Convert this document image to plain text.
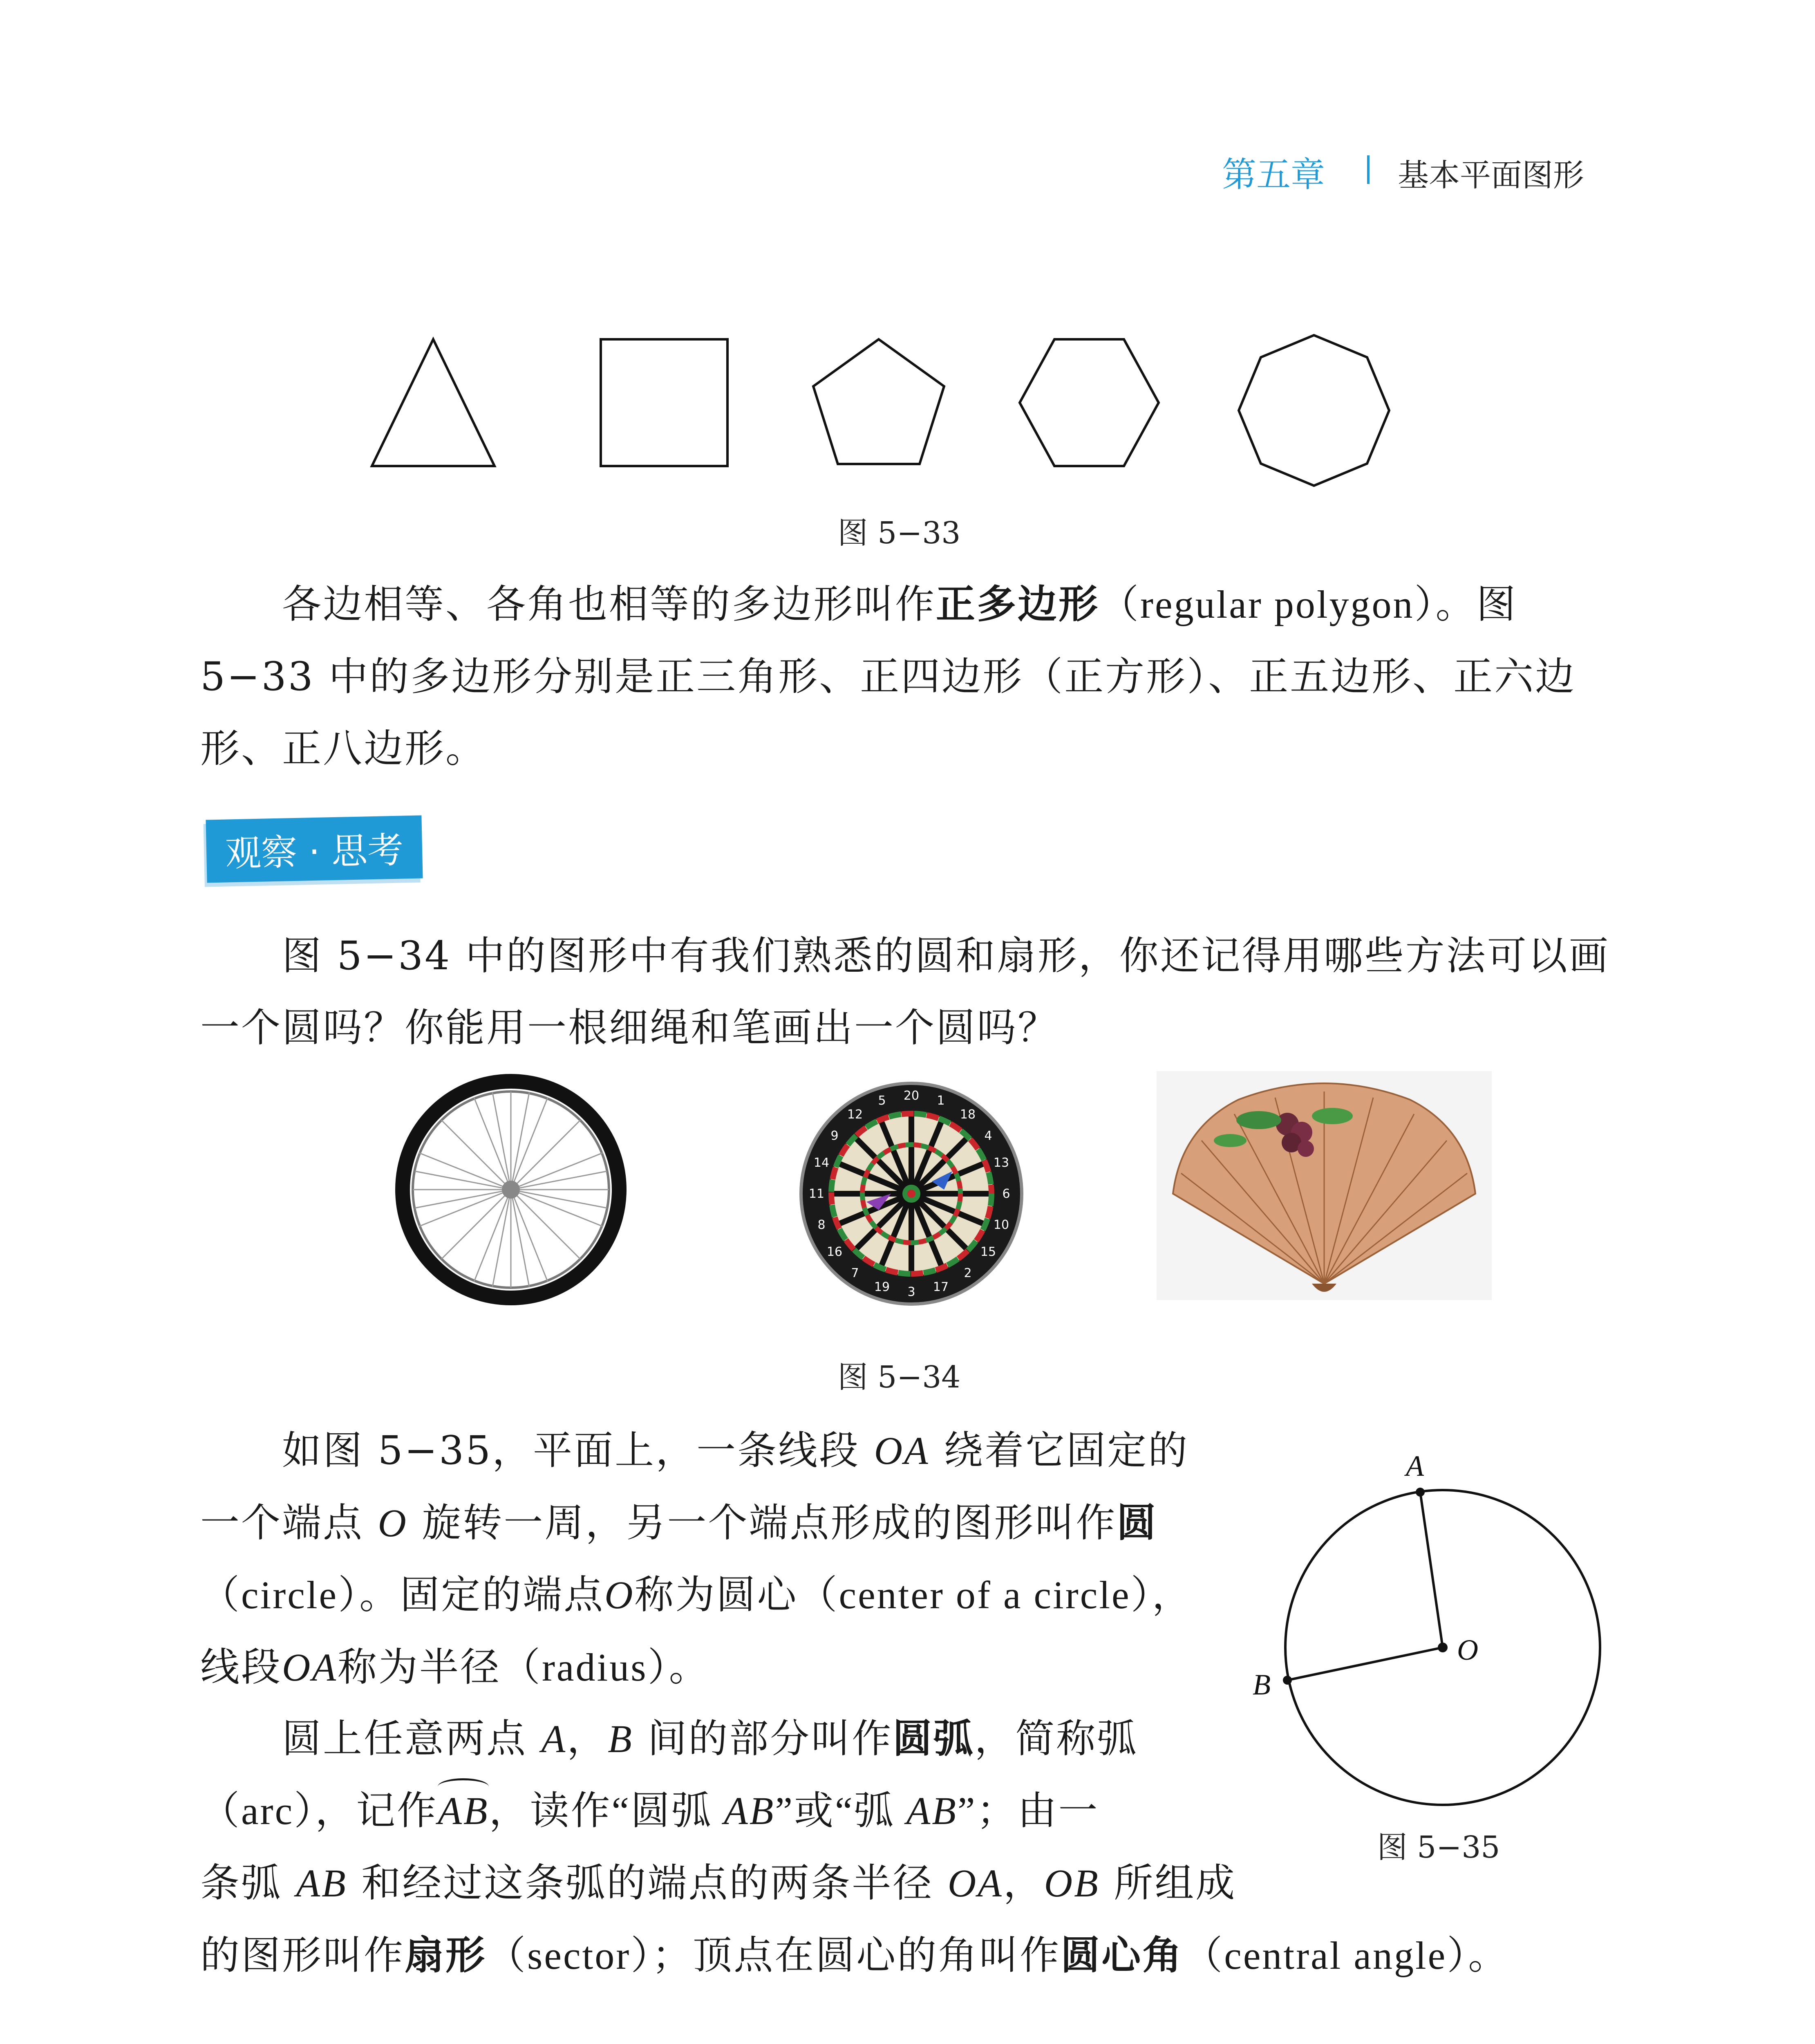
第五章 基本平面图形
图 5−33
各边相等、各角也相等的多边形叫作正多边形（regular polygon）。图
5−33 中的多边形分别是正三角形、正四边形（正方形）、正五边形、正六边
形、正八边形。
观察 · 思考
图 5−34 中的图形中有我们熟悉的圆和扇形，你还记得用哪些方法可以画
一个圆吗？你能用一根细绳和笔画出一个圆吗？
20 1
18
4
13
6
10
15
2
17
3
19
7
16
8
11
14
9
12
5
图 5−34
如图 5−35，平面上，一条线段 OA 绕着它固定的
一个端点 O 旋转一周，另一个端点形成的图形叫作圆
（circle）。固定的端点O称为圆心（center of a circle），
线段OA称为半径（radius）。
圆上任意两点 A，B 间的部分叫作圆弧，简称弧
（arc），记作
AB，读作“圆弧 AB”或“弧 AB”；由一
条弧 AB 和经过这条弧的端点的两条半径 OA，OB 所组成
的图形叫作扇形（sector）；顶点在圆心的角叫作圆心角（central angle）。
A
B
O
图 5−35
